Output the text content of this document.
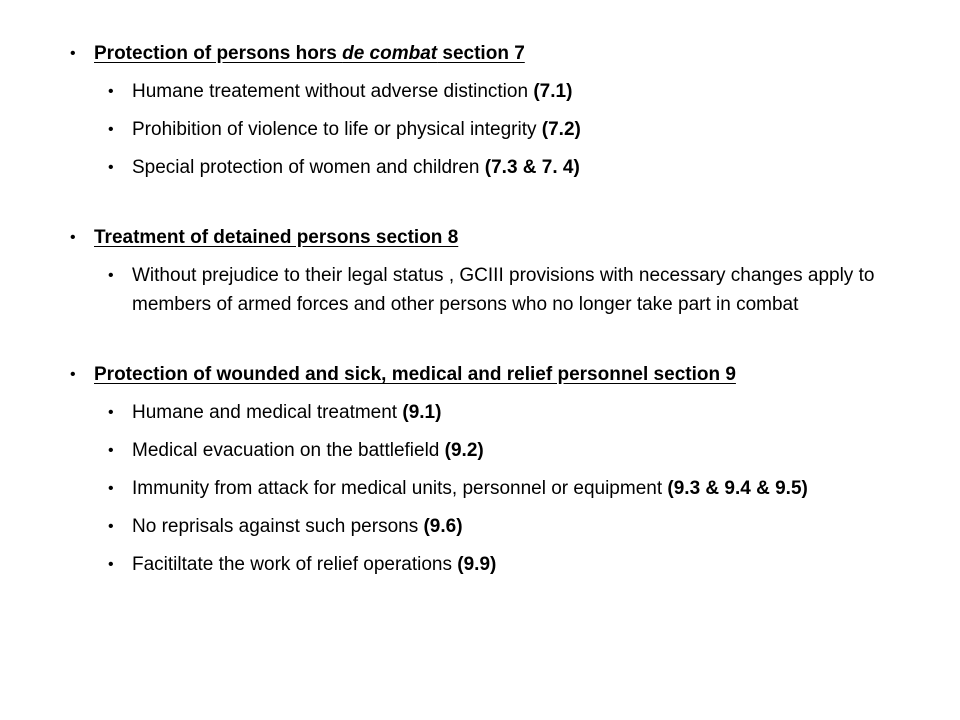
• Protection of persons hors de combat section 7
• Humane treatement without adverse distinction (7.1)
• Prohibition of violence to life or physical integrity (7.2)
• Special protection of women and children (7.3 & 7. 4)
• Treatment of detained persons section 8
• Without prejudice to their legal status , GCIII provisions with necessary changes apply to members of armed forces and other persons who no longer take part in combat
• Protection of wounded and sick, medical and relief personnel section 9
• Humane and medical treatment (9.1)
• Medical evacuation on the battlefield (9.2)
• Immunity from attack for medical units, personnel or equipment (9.3 & 9.4 & 9.5)
• No reprisals against such persons (9.6)
• Facitiltate the work of relief operations (9.9)
